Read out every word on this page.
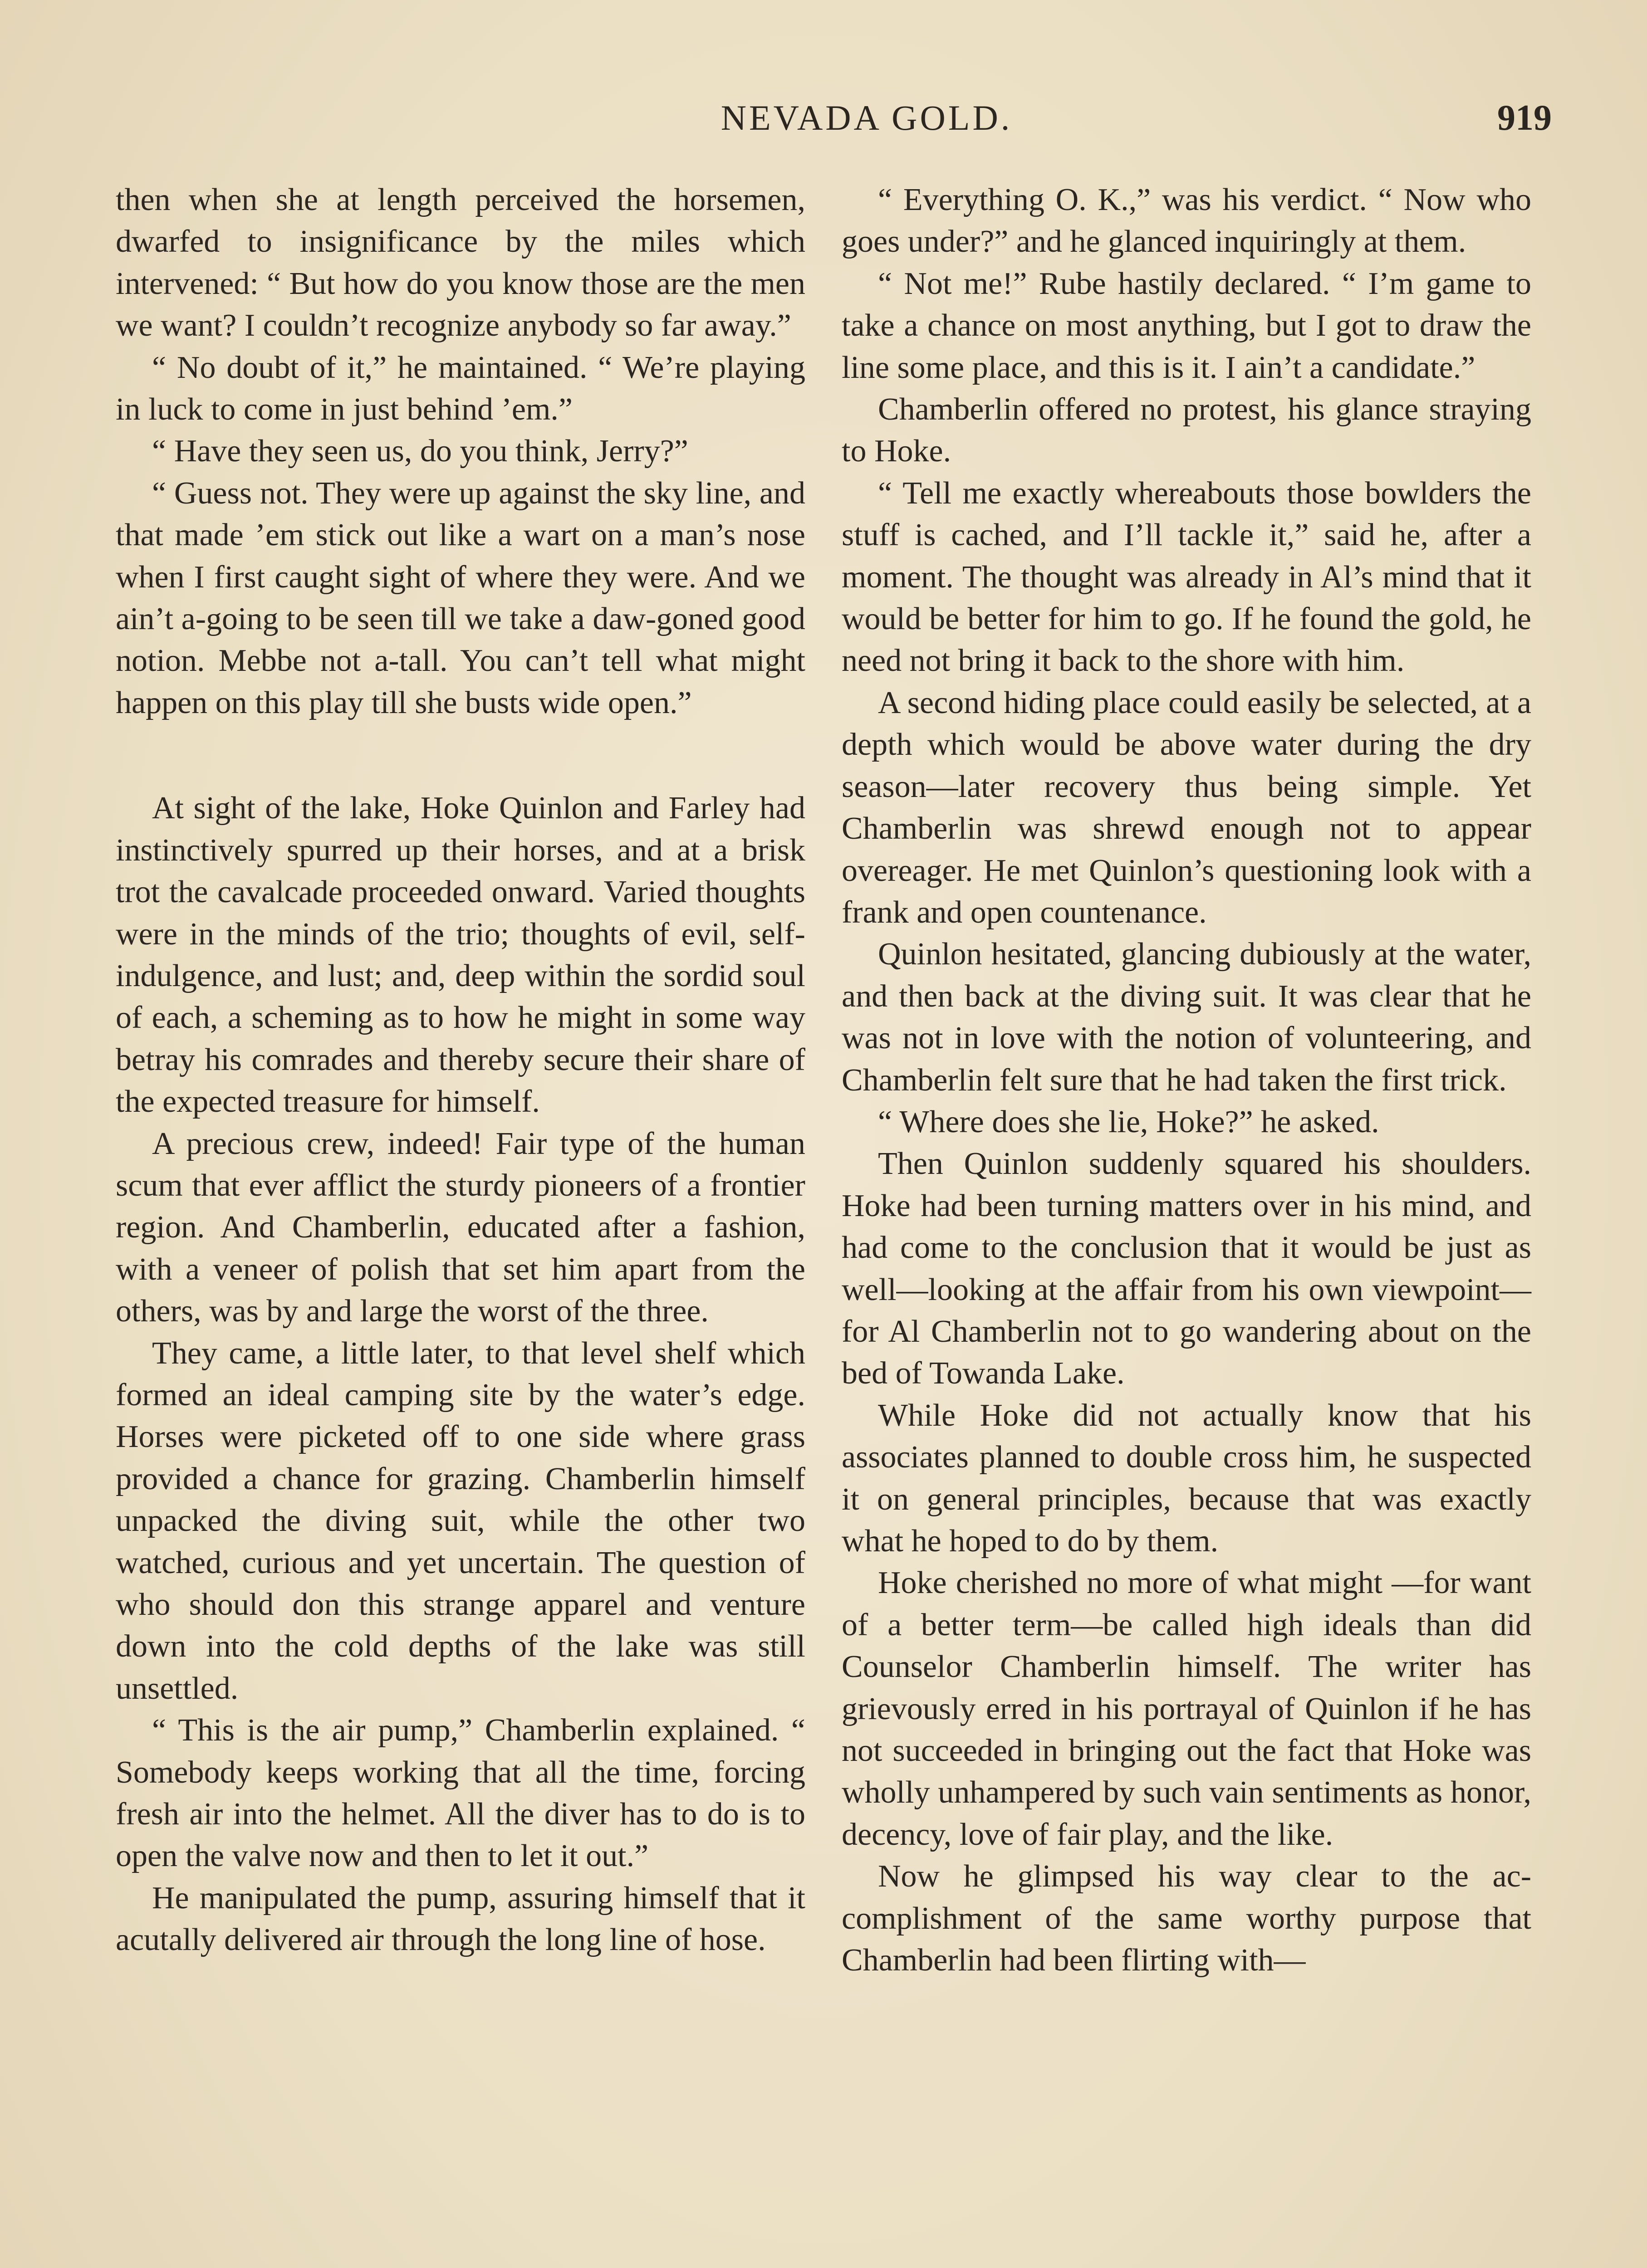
NEVADA GOLD.	919

then when she at length perceived the horsemen, dwarfed to insignificance by the miles which intervened: “ But how do you know those are the men we want? I couldn’t recognize anybody so far away.”

“ No doubt of it,” he maintained. “ We’re playing in luck to come in just behind ’em.”

“ Have they seen us, do you think, Jerry?”

“ Guess not. They were up against the sky line, and that made ’em stick out like a wart on a man’s nose when I first caught sight of where they were. And we ain’t a-going to be seen till we take a daw-goned good notion. Mebbe not a-tall. You can’t tell what might happen on this play till she busts wide open.”

At sight of the lake, Hoke Quinlon and Farley had instinctively spurred up their horses, and at a brisk trot the cavalcade proceeded onward. Varied thoughts were in the minds of the trio; thoughts of evil, self-indulgence, and lust; and, deep within the sordid soul of each, a scheming as to how he might in some way betray his comrades and thereby secure their share of the expected treasure for himself.

A precious crew, indeed! Fair type of the human scum that ever afflict the sturdy pioneers of a frontier region. And Chamberlin, educated after a fashion, with a veneer of polish that set him apart from the others, was by and large the worst of the three.

They came, a little later, to that level shelf which formed an ideal camping site by the water’s edge. Horses were picketed off to one side where grass provided a chance for grazing. Chamberlin himself unpacked the diving suit, while the other two watched, curious and yet uncertain. The question of who should don this strange apparel and venture down into the cold depths of the lake was still unsettled.

“ This is the air pump,” Chamberlin explained. “ Somebody keeps working that all the time, forcing fresh air into the helmet. All the diver has to do is to open the valve now and then to let it out.”

He manipulated the pump, assuring himself that it acutally delivered air through the long line of hose.

“ Everything O. K.,” was his verdict. “ Now who goes under?” and he glanced inquiringly at them.

“ Not me!” Rube hastily declared. “ I’m game to take a chance on most anything, but I got to draw the line some place, and this is it. I ain’t a candidate.”

Chamberlin offered no protest, his glance straying to Hoke.

“ Tell me exactly whereabouts those bowlders the stuff is cached, and I’ll tackle it,” said he, after a moment. The thought was already in Al’s mind that it would be better for him to go. If he found the gold, he need not bring it back to the shore with him.

A second hiding place could easily be selected, at a depth which would be above water during the dry season—later recovery thus being simple. Yet Chamberlin was shrewd enough not to appear overeager. He met Quinlon’s questioning look with a frank and open countenance.

Quinlon hesitated, glancing dubiously at the water, and then back at the diving suit. It was clear that he was not in love with the notion of volunteering, and Chamberlin felt sure that he had taken the first trick.

“ Where does she lie, Hoke?” he asked.

Then Quinlon suddenly squared his shoulders. Hoke had been turning matters over in his mind, and had come to the conclusion that it would be just as well—looking at the affair from his own viewpoint— for Al Chamberlin not to go wandering about on the bed of Towanda Lake.

While Hoke did not actually know that his associates planned to double cross him, he suspected it on general principles, because that was exactly what he hoped to do by them.

Hoke cherished no more of what might —for want of a better term—be called high ideals than did Counselor Chamberlin himself. The writer has grievously erred in his portrayal of Quinlon if he has not succeeded in bringing out the fact that Hoke was wholly unhampered by such vain sentiments as honor, decency, love of fair play, and the like.

Now he glimpsed his way clear to the accomplishment of the same worthy purpose that Chamberlin had been flirting with—
